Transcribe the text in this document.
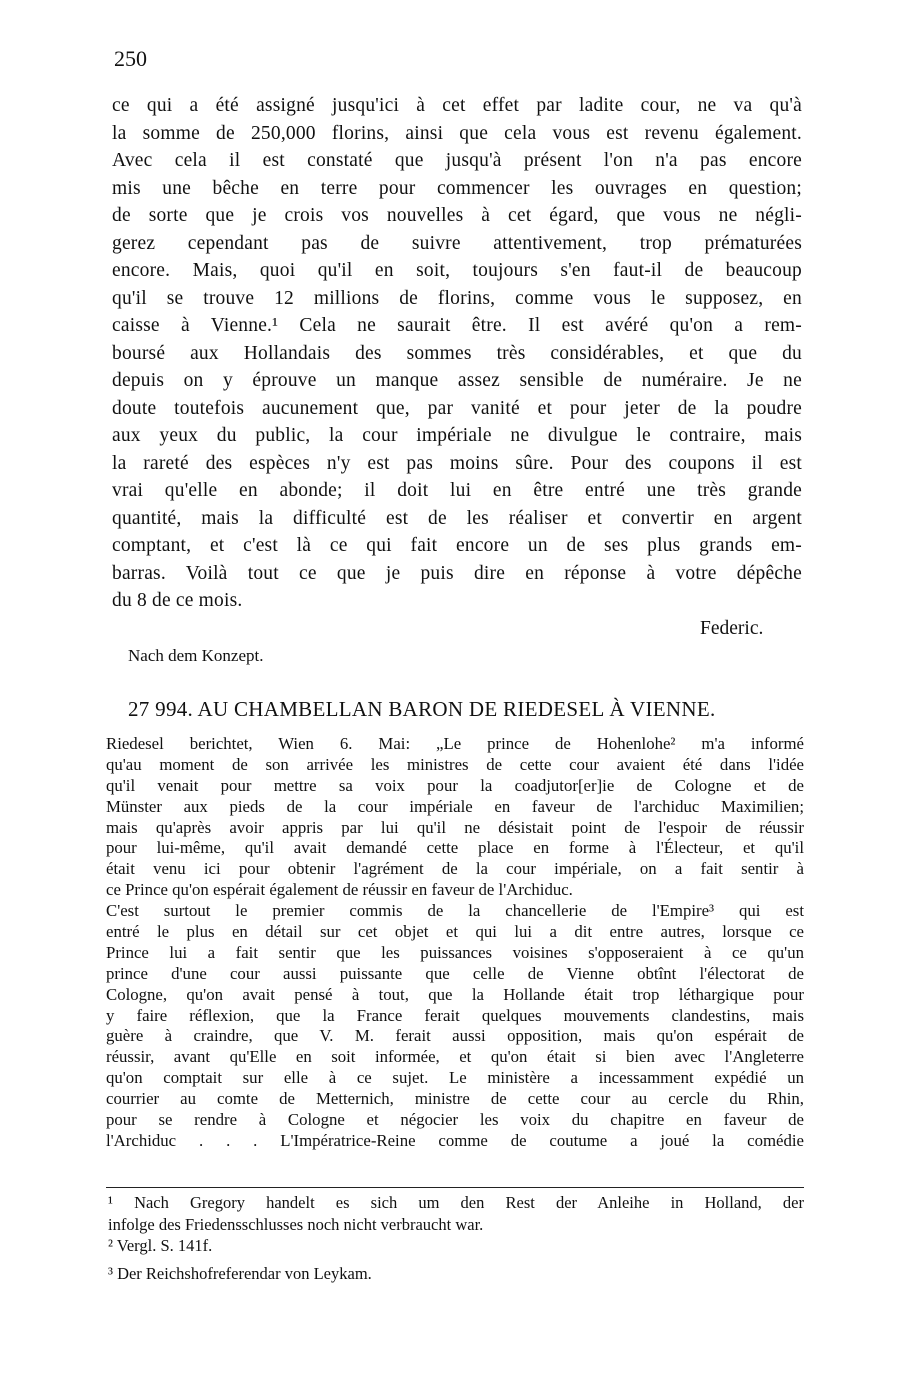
250
ce qui a été assigné jusqu'ici à cet effet par ladite cour, ne va qu'à
la somme de 250,000 florins, ainsi que cela vous est revenu également.
Avec cela il est constaté que jusqu'à présent l'on n'a pas encore
mis une bêche en terre pour commencer les ouvrages en question;
de sorte que je crois vos nouvelles à cet égard, que vous ne négli-
gerez cependant pas de suivre attentivement, trop prématurées
encore. Mais, quoi qu'il en soit, toujours s'en faut-il de beaucoup
qu'il se trouve 12 millions de florins, comme vous le supposez, en
caisse à Vienne.¹ Cela ne saurait être. Il est avéré qu'on a rem-
boursé aux Hollandais des sommes très considérables, et que du
depuis on y éprouve un manque assez sensible de numéraire. Je ne
doute toutefois aucunement que, par vanité et pour jeter de la poudre
aux yeux du public, la cour impériale ne divulgue le contraire, mais
la rareté des espèces n'y est pas moins sûre. Pour des coupons il est
vrai qu'elle en abonde; il doit lui en être entré une très grande
quantité, mais la difficulté est de les réaliser et convertir en argent
comptant, et c'est là ce qui fait encore un de ses plus grands em-
barras. Voilà tout ce que je puis dire en réponse à votre dépêche
du 8 de ce mois.
Federic.
Nach dem Konzept.
27 994. AU CHAMBELLAN BARON DE RIEDESEL À VIENNE.
Riedesel berichtet, Wien 6. Mai: „Le prince de Hohenlohe² m'a informé
qu'au moment de son arrivée les ministres de cette cour avaient été dans l'idée
qu'il venait pour mettre sa voix pour la coadjutor[er]ie de Cologne et de
Münster aux pieds de la cour impériale en faveur de l'archiduc Maximilien;
mais qu'après avoir appris par lui qu'il ne désistait point de l'espoir de réussir
pour lui-même, qu'il avait demandé cette place en forme à l'Électeur, et qu'il
était venu ici pour obtenir l'agrément de la cour impériale, on a fait sentir à
ce Prince qu'on espérait également de réussir en faveur de l'Archiduc.
C'est surtout le premier commis de la chancellerie de l'Empire³ qui est
entré le plus en détail sur cet objet et qui lui a dit entre autres, lorsque ce
Prince lui a fait sentir que les puissances voisines s'opposeraient à ce qu'un
prince d'une cour aussi puissante que celle de Vienne obtînt l'électorat de
Cologne, qu'on avait pensé à tout, que la Hollande était trop léthargique pour
y faire réflexion, que la France ferait quelques mouvements clandestins, mais
guère à craindre, que V. M. ferait aussi opposition, mais qu'on espérait de
réussir, avant qu'Elle en soit informée, et qu'on était si bien avec l'Angleterre
qu'on comptait sur elle à ce sujet. Le ministère a incessamment expédié un
courrier au comte de Metternich, ministre de cette cour au cercle du Rhin,
pour se rendre à Cologne et négocier les voix du chapitre en faveur de
l'Archiduc . . . L'Impératrice-Reine comme de coutume a joué la comédie
¹ Nach Gregory handelt es sich um den Rest der Anleihe in Holland, der
infolge des Friedensschlusses noch nicht verbraucht war.
² Vergl. S. 141f.
³ Der Reichshofreferendar von Leykam.
